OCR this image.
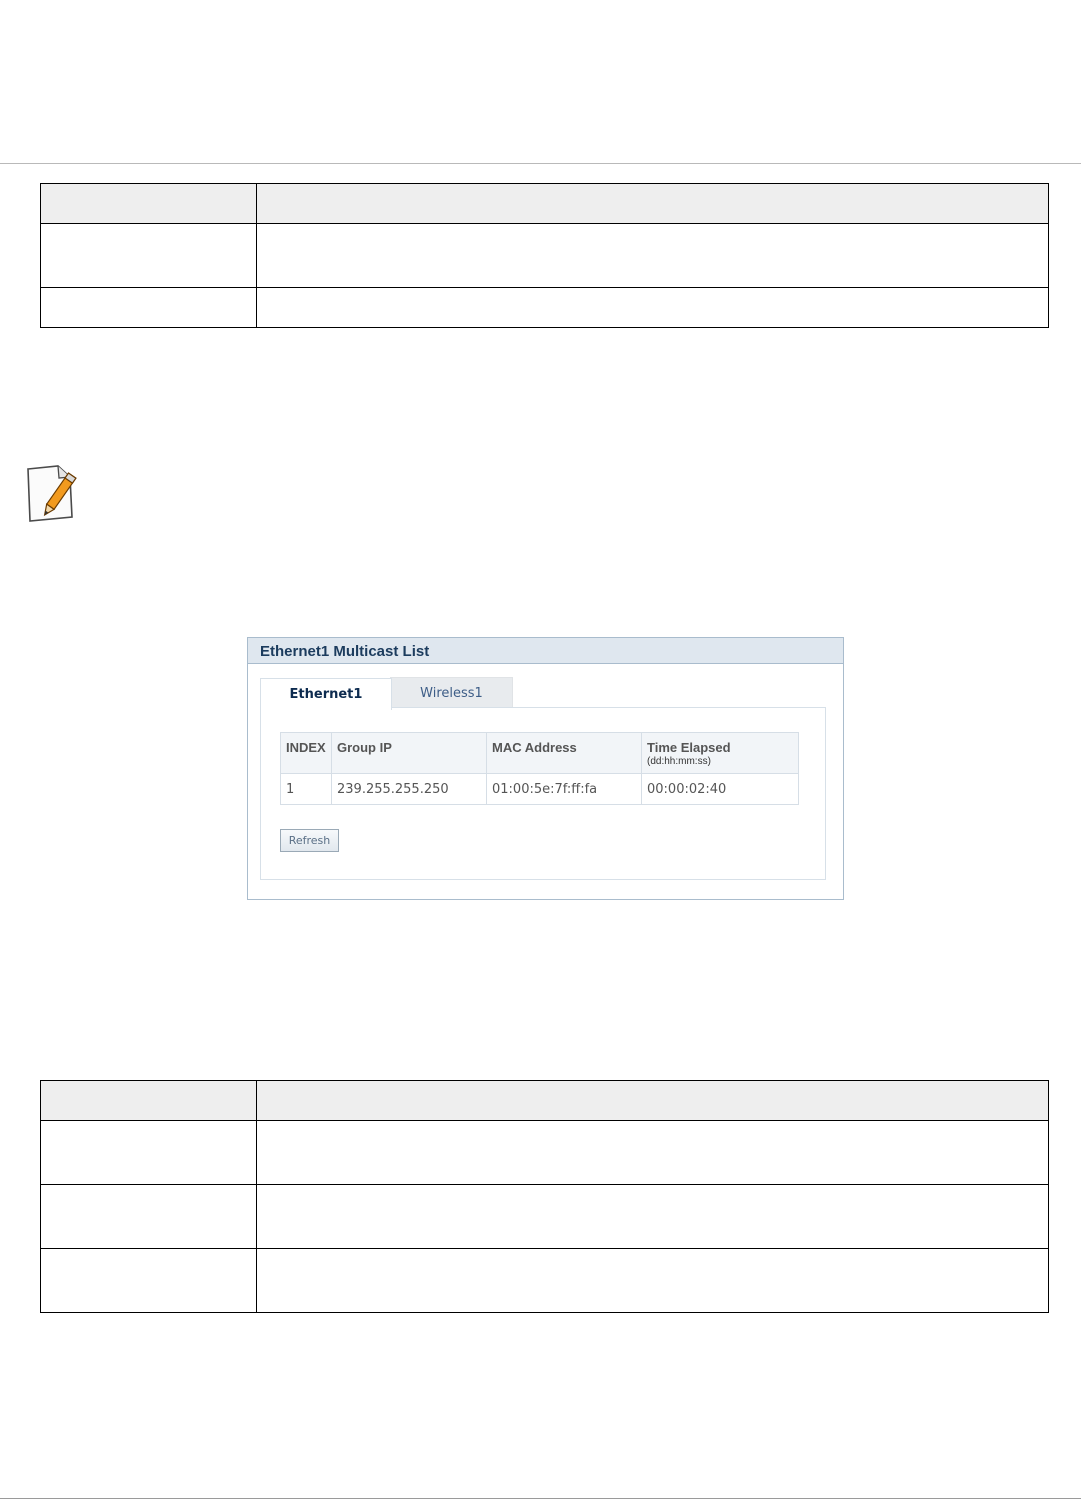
Ethernet1 Multicast List
Ethernet1	Wireless1
INDEX	Group IP	MAC Address	Time Elapsed
(dd:hh:mm:ss)

1	239.255.255.250	01:00:5e:7f:ff:fa	00:00:02:40
Refresh
